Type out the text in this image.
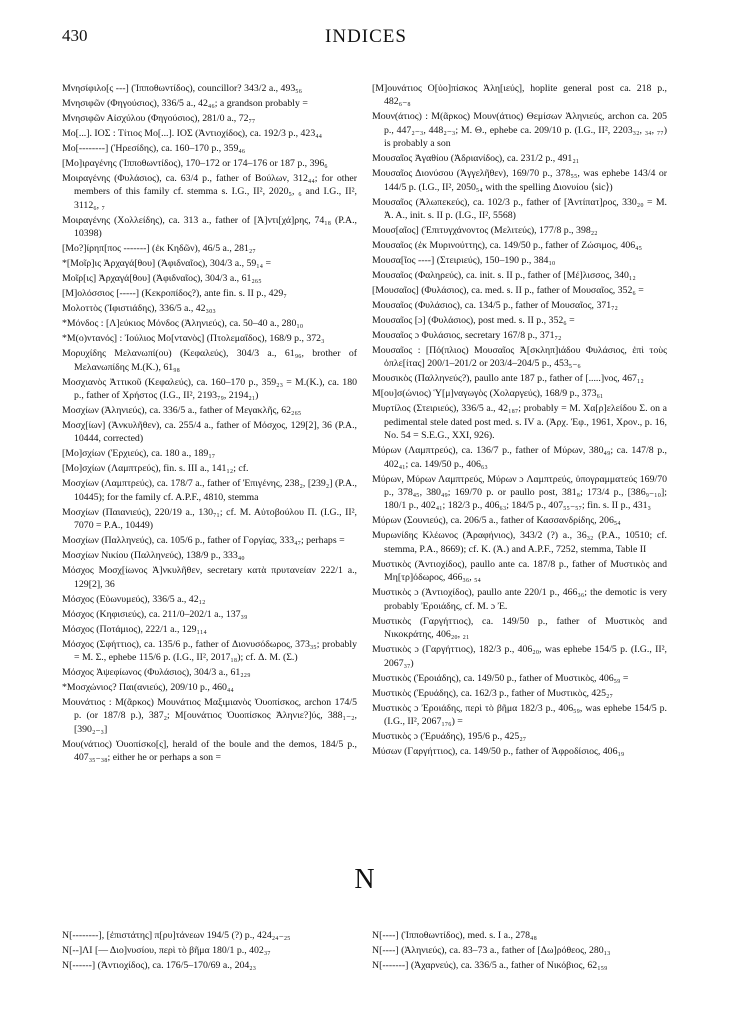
430	INDICES

Μνησίφιλο[ς ---] (Ἱπποθωντίδος), councillor? 343/2 a., 493₅₆

Μνησιφῶν (Φηγούσιος), 336/5 a., 42₄₆; a grandson probably =

Μνησιφῶν Αἰσχύλου (Φηγούσιος), 281/0 a., 72₇₇

Μο[...]. ΙΟΣ : Τίτιος Μο[...]. ΙΟΣ (Ἀντιοχίδος), ca. 192/3 p., 423₄₄

Μο[--------] (Ἠρεσίδης), ca. 160–170 p., 359₄₆

[Μο]ιραγένης (Ἱπποθωντίδος), 170–172 or 174–176 or 187 p., 396₆

Μοιραγένης (Φυλάσιος), ca. 63/4 p., father of Βούλων, 312₄₄; for other members of this family cf. stemma s. I.G., II², 2020₅, ₆ and I.G., II², 3112₆, ₇

Μοιραγένης (Χολλείδης), ca. 313 a., father of [Ἀ]ντι[χά]ρης, 74₁₈ (P.A., 10398)

[Μο?]ίρηπ[πος -------] (ἐκ Κηδῶν), 46/5 a., 281₂₇

*[Μοῖρ]ις Ἀρχαγά[θου] (Ἀφιδναῖος), 304/3 a., 59₁₄ =

Μοῖρ[ις] Ἀρχαγά[θου] (Ἀφιδναῖος), 304/3 a., 61₂₆₅

[Μ]ολόσσιος [-----] (Κεκροπίδος?), ante fin. s. II p., 429₇

Μολοττὸς (Ἰφιστιάδης), 336/5 a., 42₃₀₃

*Μόνδος : [Λ]εύκιος Μόνδος (Ἀληνιεύς), ca. 50–40 a., 280₁₀

*Μ(ο)ντανός] : Ἰούλιος Μο[ντανὸς] (Πτολεμαΐδος), 168/9 p., 372₃

Μορυχίδης Μελανωπί(ου) (Κεφαλεύς), 304/3 a., 61₉₆, brother of Μελανωπίδης Μ.(Κ.), 61₉₈

Μοσχιανὸς Ἀττικοῦ (Κεφαλεύς), ca. 160–170 p., 359₂₃ = Μ.(Κ.), ca. 180 p., father of Χρήστος (I.G., II², 2193₇₉, 2194₂₁)

Μοσχίων (Ἀληνιεύς), ca. 336/5 a., father of Μεγακλῆς, 62₂₆₅

Μοσχ[ίων] (Ἀνκυλῆθεν), ca. 255/4 a., father of Μόσχος, 129[2], 36 (P.A., 10444, corrected)

[Μο]σχίων (Ἐρχιεύς), ca. 180 a., 189₁₇

[Μο]σχίων (Λαμπτρεύς), fin. s. III a., 141₁₂; cf.

Μοσχίων (Λαμπτρεύς), ca. 178/7 a., father of Ἐπιγένης, 238₂, [239₂] (P.A., 10445); for the family cf. A.P.F., 4810, stemma

Μοσχίων (Παιανιεύς), 220/19 a., 130₇₁; cf. Μ. Αὐτοβούλου Π. (I.G., II², 7070 = P.A., 10449)

Μοσχίων (Παλληνεύς), ca. 105/6 p., father of Γοργίας, 333₄₇; perhaps =

Μοσχίων Νικίου (Παλληνεύς), 138/9 p., 333₄₀

Μόσχος Μοσχ[ίωνος Ἀ]νκυλῆθεν, secretary κατὰ πρυτανείαν 222/1 a., 129[2], 36

Μόσχος (Εὐωνυμεύς), 336/5 a., 42₁₂

Μόσχος (Κηφισιεύς), ca. 211/0–202/1 a., 137₃₉

Μόσχος (Ποτάμιος), 222/1 a., 129₁₁₄

Μόσχος (Σφήττιος), ca. 135/6 p., father of Διονυσόδωρος, 373₃₅; probably = Μ. Σ., ephebe 115/6 p. (I.G., II², 2017₁₈); cf. Δ. Μ. (Σ.)

Μόσχος Ἀψεφίωνος (Φυλάσιος), 304/3 a., 61₂₂₉

*Μοσχώνιος? Παι(ανιεύς), 209/10 p., 460₄₄

Μουνάτιος : Μ(ᾶρκος) Μουνάτιος Μαξιμιανὸς Ὀυοπίσκος, archon 174/5 p. (or 187/8 p.), 387₂; Μ[ουνάτιος Ὀυοπίσκος Ἀληνιε?]ύς, 388₁₋₂, [390₂₋₃]

Μου(νάτιος) Ὀυοπίσκο[ς], herald of the boule and the demos, 184/5 p., 407₃₅₋₃₈; either he or perhaps a son =

[Μ]ουνάτιος Ο[ὐο]πίσκος Ἀλη[ιεύς], hoplite general post ca. 218 p., 482₆₋₈

Μουν(άτιος) : Μ(ᾶρκος) Μουν(άτιος) Θεμίσων Ἀληνιεύς, archon ca. 205 p., 447₂₋₃, 448₂₋₃; Μ. Θ., ephebe ca. 209/10 p. (I.G., II², 2203₃₂, ₃₄, ₇₇) is probably a son

Μουσαῖος Ἀγαθίου (Ἀδριανίδος), ca. 231/2 p., 491₂₁

Μουσαῖος Διονύσου (Ἀγγελῆθεν), 169/70 p., 378₅₅, was ephebe 143/4 or 144/5 p. (I.G., II², 2050₅₄ with the spelling Διονυίου ⟨sic⟩)

Μουσαῖος (Ἀλωπεκεύς), ca. 102/3 p., father of [Ἀντίπατ]ρος, 330₂₀ = Μ. Ἀ. Α., init. s. II p. (I.G., II², 5568)

Μουσ[αῖος] (Ἐπιτυγχάνοντος (Μελιτεύς), 177/8 p., 398₂₂

Μουσαῖος (ἐκ Μυρινούττης), ca. 149/50 p., father of Ζώσιμος, 406₄₅

Μουσα[ῖος ----] (Στειριεύς), 150–190 p., 384₁₀

Μουσαῖος (Φαληρεύς), ca. init. s. II p., father of [Μέ]λισσος, 340₁₂

[Μουσαῖος] (Φυλάσιος), ca. med. s. II p., father of Μουσαῖος, 352₆ =

Μουσαῖος (Φυλάσιος), ca. 134/5 p., father of Μουσαῖος, 371₇₂

Μουσαῖος [ɔ] (Φυλάσιος), post med. s. II p., 352₆ =

Μουσαῖος ɔ Φυλάσιος, secretary 167/8 p., 371₇₂

Μουσαῖος : [Πό(πλιος) Μουσαῖος Ἀ[σκληπ]ιάδου Φυλάσιος, ἐπὶ τοὺς ὀπλε[ίτας] 200/1–201/2 or 203/4–204/5 p., 453₅₋₆

Μουσικὸς (Παλληνεύς?), paullo ante 187 p., father of [.....]νος, 467₁₂

Μ[ου]σ(ώνιος) Ὑ[μ]ναγωγὸς (Χολαργεύς), 168/9 p., 373₆₁

Μυρτίλος (Στειριεύς), 336/5 a., 42₁₈₇; probably = Μ. Χα[ρ]ελείδου Σ. on a pedimental stele dated post med. s. IV a. (Ἀρχ. Ἐφ., 1961, Χρον., p. 16, No. 54 = S.E.G., XXI, 926).

Μύρων (Λαμπτρεύς), ca. 136/7 p., father of Μύρων, 380₄₉; ca. 147/8 p., 402₄₁; ca. 149/50 p., 406₆₃

Μύρων, Μύρων Λαμπτρεύς, Μύρων ɔ Λαμπτρεύς, ὑπογραμματεύς 169/70 p., 378₄₅, 380₄₉; 169/70 p. or paullo post, 381₈; 173/4 p., [386₉₋₁₀]; 180/1 p., 402₄₁; 182/3 p., 406₆₃; 184/5 p., 407₅₅₋₅₇; fin. s. II p., 431₃

Μύρων (Σουνιεύς), ca. 206/5 a., father of Κασσανδρίδης, 206₅₄

Μυρωνίδης Κλέωνος (Ἀραφήνιος), 343/2 (?) a., 36₃₂ (P.A., 10510; cf. stemma, P.A., 8669); cf. Κ. (Ἀ.) and A.P.F., 7252, stemma, Table II

Μυστικὸς (Ἀντιοχίδος), paullo ante ca. 187/8 p., father of Μυστικὸς and Μη[τρ]όδωρος, 466₃₆, ₅₄

Μυστικὸς ɔ (Ἀντιοχίδος), paullo ante 220/1 p., 466₃₆; the demotic is very probably Ἐροιάδης, cf. Μ. ɔ Ἐ.

Μυστικὸς (Γαργήττιος), ca. 149/50 p., father of Μυστικὸς and Νικοκράτης, 406₂₀, ₂₁

Μυστικὸς ɔ (Γαργήττιος), 182/3 p., 406₂₀, was ephebe 154/5 p. (I.G., II², 2067₃₇)

Μυστικὸς (Ἐροιάδης), ca. 149/50 p., father of Μυστικὸς, 406₅₉ =

Μυστικὸς (Ἐρυάδης), ca. 162/3 p., father of Μυστικὸς, 425₂₇

Μυστικὸς ɔ Ἐροιάδης, περὶ τὸ βῆμα 182/3 p., 406₅₉, was ephebe 154/5 p. (I.G., II², 2067₁₇₆) =

Μυστικὸς ɔ (Ἐρυάδης), 195/6 p., 425₂₇

Μύσων (Γαργήττιος), ca. 149/50 p., father of Ἀφροδίσιος, 406₁₉

N

Ν[--------], [ἐπιστάτης] π[ρυ]τάνεων 194/5 (?) p., 424₂₄₋₂₅

Ν[--]ΛΙ [— Διο]νυσίου, περὶ τὸ βῆμα 180/1 p., 402₃₇

Ν[------] (Ἀντιοχίδος), ca. 176/5–170/69 a., 204₂₃

Ν[----] (Ἱπποθωντίδος), med. s. I a., 278₄₈

Ν[----] (Ἀληνιεύς), ca. 83–73 a., father of [Δω]ρόθεος, 280₁₃

Ν[-------] (Ἀχαρνεύς), ca. 336/5 a., father of Νικόβιος, 62₁₅₉
